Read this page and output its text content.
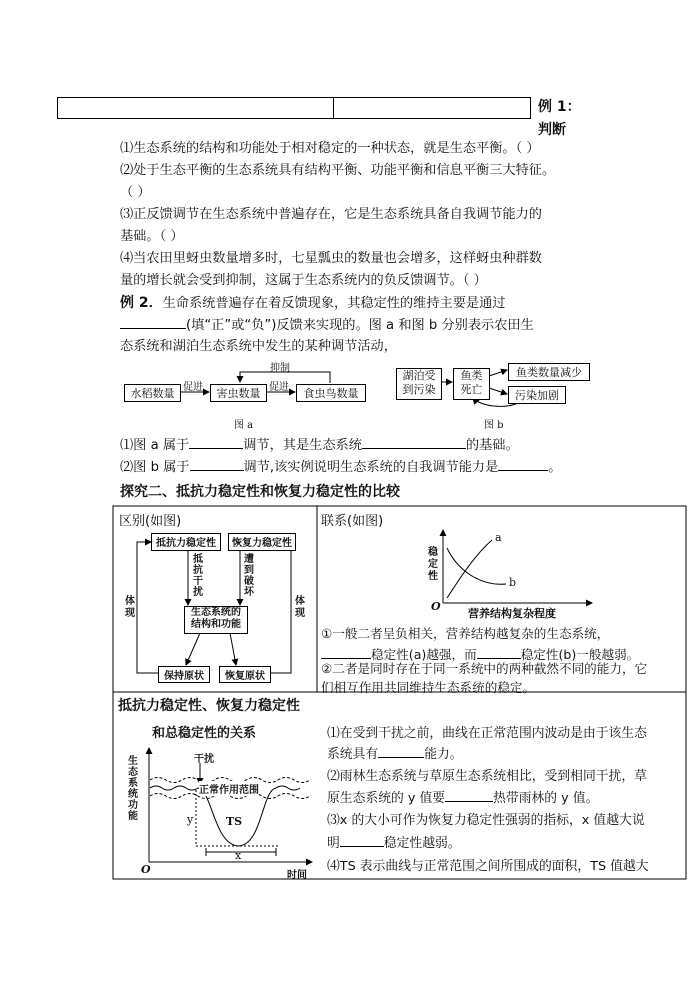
例 1：
判断
⑴生态系统的结构和功能处于相对稳定的一种状态，就是生态平衡。（ ）
⑵处于生态平衡的生态系统具有结构平衡、功能平衡和信息平衡三大特征。
（ ）
⑶正反馈调节在生态系统中普遍存在，它是生态系统具备自我调节能力的
基础。（ ）
⑷当农田里蚜虫数量增多时，七星瓢虫的数量也会增多，这样蚜虫种群数
量的增长就会受到抑制，这属于生态系统内的负反馈调节。（ ）
例 2．生命系统普遍存在着反馈现象，其稳定性的维持主要是通过
(填“正”或“负”)反馈来实现的。图 a 和图 b 分别表示农田生
态系统和湖泊生态系统中发生的某种调节活动，
水稻数量	害虫数量	食虫鸟数量
促进	促进
抑制
图 a
湖泊受
到污染
鱼类
死亡
鱼类数量减少
污染加剧
图 b
⑴图 a 属于	调节，其是生态系统	的基础。
⑵图 b 属于	调节,该实例说明生态系统的自我调节能力是	。
探究二、抵抗力稳定性和恢复力稳定性的比较
区别(如图)	联系(如图)
抵抗力稳定性	恢复力稳定性
抵
抗
干
扰
遭
到
破
坏
体
现
体
现
生态系统的
结构和功能
保持原状	恢复原状
稳
定
性
O
a
b
营养结构复杂程度
①一般二者呈负相关，营养结构越复杂的生态系统，
稳定性(a)越强，而	稳定性(b)一般越弱。
②二者是同时存在于同一系统中的两种截然不同的能力，它
们相互作用共同维持生态系统的稳定。
抵抗力稳定性、恢复力稳定性
和总稳定性的关系
生态系统功能
干扰
正常作用范围
TS
y
x
O	时间
⑴在受到干扰之前，曲线在正常范围内波动是由于该生态
系统具有	能力。
⑵雨林生态系统与草原生态系统相比，受到相同干扰，草
原生态系统的 y 值要	热带雨林的 y 值。
⑶x 的大小可作为恢复力稳定性强弱的指标，x 值越大说
明	稳定性越弱。
⑷TS 表示曲线与正常范围之间所围成的面积，TS 值越大
